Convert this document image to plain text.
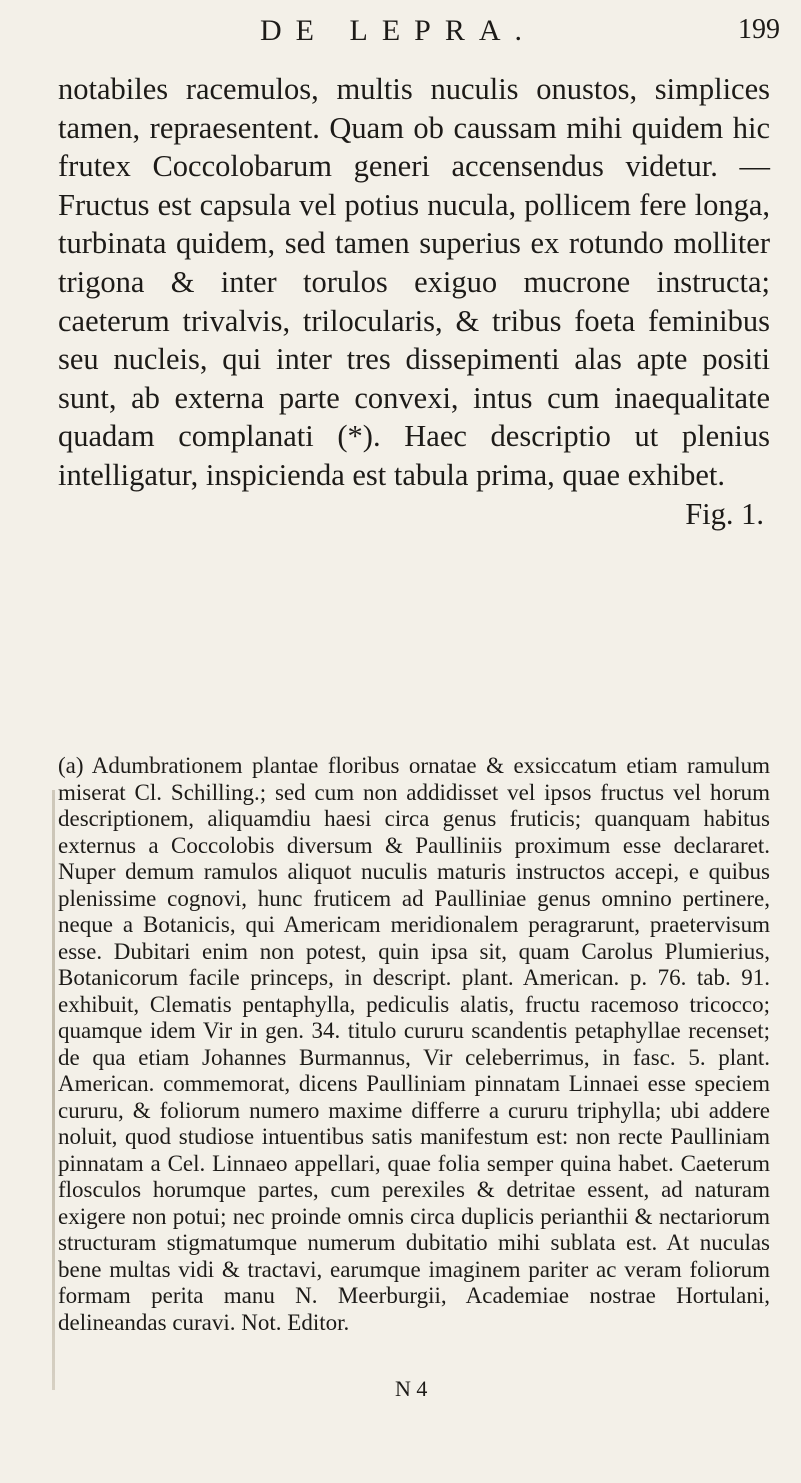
DE LEPRA.	199

notabiles racemulos, multis nuculis onustos, simplices tamen, repraesentent. Quam ob caussam mihi quidem hic frutex Coccolobarum generi accensendus videtur. — Fructus est capsula vel potius nucula, pollicem fere longa, turbinata quidem, sed tamen superius ex rotundo molliter trigona & inter torulos exiguo mucrone instructa; caeterum trivalvis, trilocularis, & tribus foeta feminibus seu nucleis, qui inter tres dissepimenti alas apte positi sunt, ab externa parte convexi, intus cum inaequalitate quadam complanati (*). Haec descriptio ut plenius intelligatur, inspicienda est tabula prima, quae exhibet.

Fig. 1.

(a) Adumbrationem plantae floribus ornatae & exsiccatum etiam ramulum miserat Cl. Schilling.; sed cum non addidisset vel ipsos fructus vel horum descriptionem, aliquamdiu haesi circa genus fruticis; quanquam habitus externus a Coccolobis diversum & Paulliniis proximum esse declararet. Nuper demum ramulos aliquot nuculis maturis instructos accepi, e quibus plenissime cognovi, hunc fruticem ad Paulliniae genus omnino pertinere, neque a Botanicis, qui Americam meridionalem peragrarunt, praetervisum esse. Dubitari enim non potest, quin ipsa sit, quam Carolus Plumierius, Botanicorum facile princeps, in descript. plant. American. p. 76. tab. 91. exhibuit, Clematis pentaphylla, pediculis alatis, fructu racemoso tricocco; quamque idem Vir in gen. 34. titulo cururu scandentis petaphyllae recenset; de qua etiam Johannes Burmannus, Vir celeberrimus, in fasc. 5. plant. American. commemorat, dicens Paulliniam pinnatam Linnaei esse speciem cururu, & foliorum numero maxime differre a cururu triphylla; ubi addere noluit, quod studiose intuentibus satis manifestum est: non recte Paulliniam pinnatam a Cel. Linnaeo appellari, quae folia semper quina habet. Caeterum flosculos horumque partes, cum perexiles & detritae essent, ad naturam exigere non potui; nec proinde omnis circa duplicis perianthii & nectariorum structuram stigmatumque numerum dubitatio mihi sublata est. At nuculas bene multas vidi & tractavi, earumque imaginem pariter ac veram foliorum formam perita manu N. Meerburgii, Academiae nostrae Hortulani, delineandas curavi. Not. Editor.

N 4
